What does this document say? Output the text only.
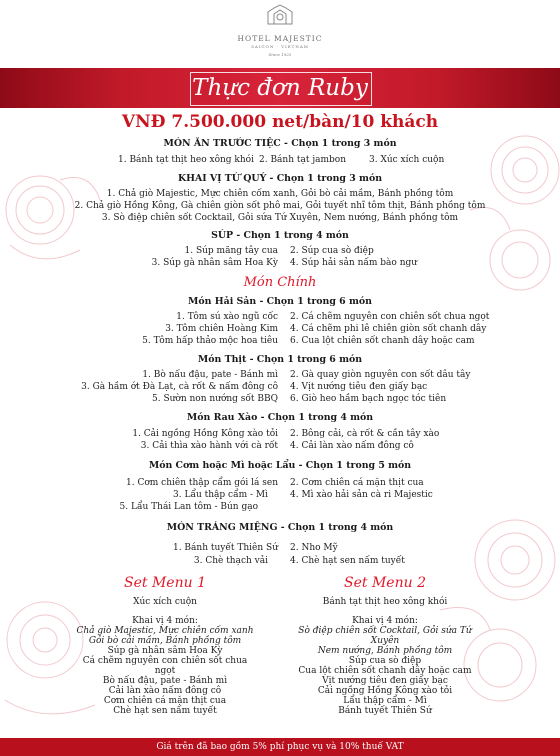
HOTEL MAJESTIC
SAIGON - VIETNAM
Since 1925
Thực đơn Ruby
VNĐ 7.500.000 net/bàn/10 khách
MÓN ĂN TRƯỚC TIỆC - Chọn 1 trong 3 món
1. Bánh tạt thịt heo xông khói 2. Bánh tạt jambon	3. Xúc xích cuộn
KHAI VỊ TỨ QUÝ - Chọn 1 trong 3 món
1. Chả giò Majestic, Mực chiên cốm xanh, Gỏi bò cải mầm, Bánh phồng tôm
2. Chả giò Hồng Kông, Gà chiên giòn sốt phô mai, Gỏi tuyết nhĩ tôm thịt, Bánh phồng tôm
3. Sò điệp chiên sốt Cocktail, Gỏi sứa Tứ Xuyên, Nem nướng, Bánh phồng tôm
SÚP - Chọn 1 trong 4 món
1. Súp măng tây cua 2. Súp cua sò điệp
3. Súp gà nhân sâm Hoa Kỳ 4. Súp hải sản nấm bào ngư
Món Chính
Món Hải Sản - Chọn 1 trong 6 món
1. Tôm sú xào ngũ cốc 2. Cá chẽm nguyên con chiên sốt chua ngọt
3. Tôm chiên Hoàng Kim 4. Cá chẽm phi lê chiên giòn sốt chanh dây
5. Tôm hấp thảo mộc hoa tiêu 6. Cua lột chiên sốt chanh dây hoặc cam
Món Thịt - Chọn 1 trong 6 món
1. Bò nấu đậu, pate - Bánh mì 2. Gà quay giòn nguyên con sốt dâu tây
3. Gà hầm ớt Đà Lạt, cà rốt & nấm đông cô 4. Vịt nướng tiêu đen giấy bạc
5. Sườn non nướng sốt BBQ 6. Giò heo hầm bạch ngọc tóc tiên
Món Rau Xào - Chọn 1 trong 4 món
1. Cải ngồng Hồng Kông xào tỏi 2. Bông cải, cà rốt & cần tây xào
3. Cải thìa xào hành với cà rốt 4. Cải làn xào nấm đông cô
Món Cơm hoặc Mì hoặc Lẩu - Chọn 1 trong 5 món
1. Cơm chiên thập cẩm gói lá sen 2. Cơm chiên cá mặn thịt cua
3. Lẩu thập cẩm - Mì 4. Mì xào hải sản cà ri Majestic
5. Lẩu Thái Lan tôm - Bún gạo
MÓN TRÁNG MIỆNG - Chọn 1 trong 4 món
1. Bánh tuyết Thiên Sứ 2. Nho Mỹ
3. Chè thạch vải 4. Chè hạt sen nấm tuyết
Set Menu 1
Xúc xích cuộn
Khai vị 4 món:
Chả giò Majestic, Mực chiên cốm xanh
Gỏi bò cải mầm, Bánh phồng tôm
Súp gà nhân sâm Hoa Kỳ
Cá chẽm nguyên con chiên sốt chua ngọt
Bò nấu đậu, pate - Bánh mì
Cải làn xào nấm đông cô
Cơm chiên cá mặn thịt cua
Chè hạt sen nấm tuyết
Set Menu 2
Bánh tạt thịt heo xông khói
Khai vị 4 món:
Sò điệp chiên sốt Cocktail, Gỏi sứa Tứ Xuyên
Nem nướng, Bánh phồng tôm
Súp cua sò điệp
Cua lột chiên sốt chanh dây hoặc cam
Vịt nướng tiêu đen giấy bạc
Cải ngồng Hồng Kông xào tỏi
Lẩu thập cẩm - Mì
Bánh tuyết Thiên Sứ
Giá trên đã bao gồm 5% phí phục vụ và 10% thuế VAT
